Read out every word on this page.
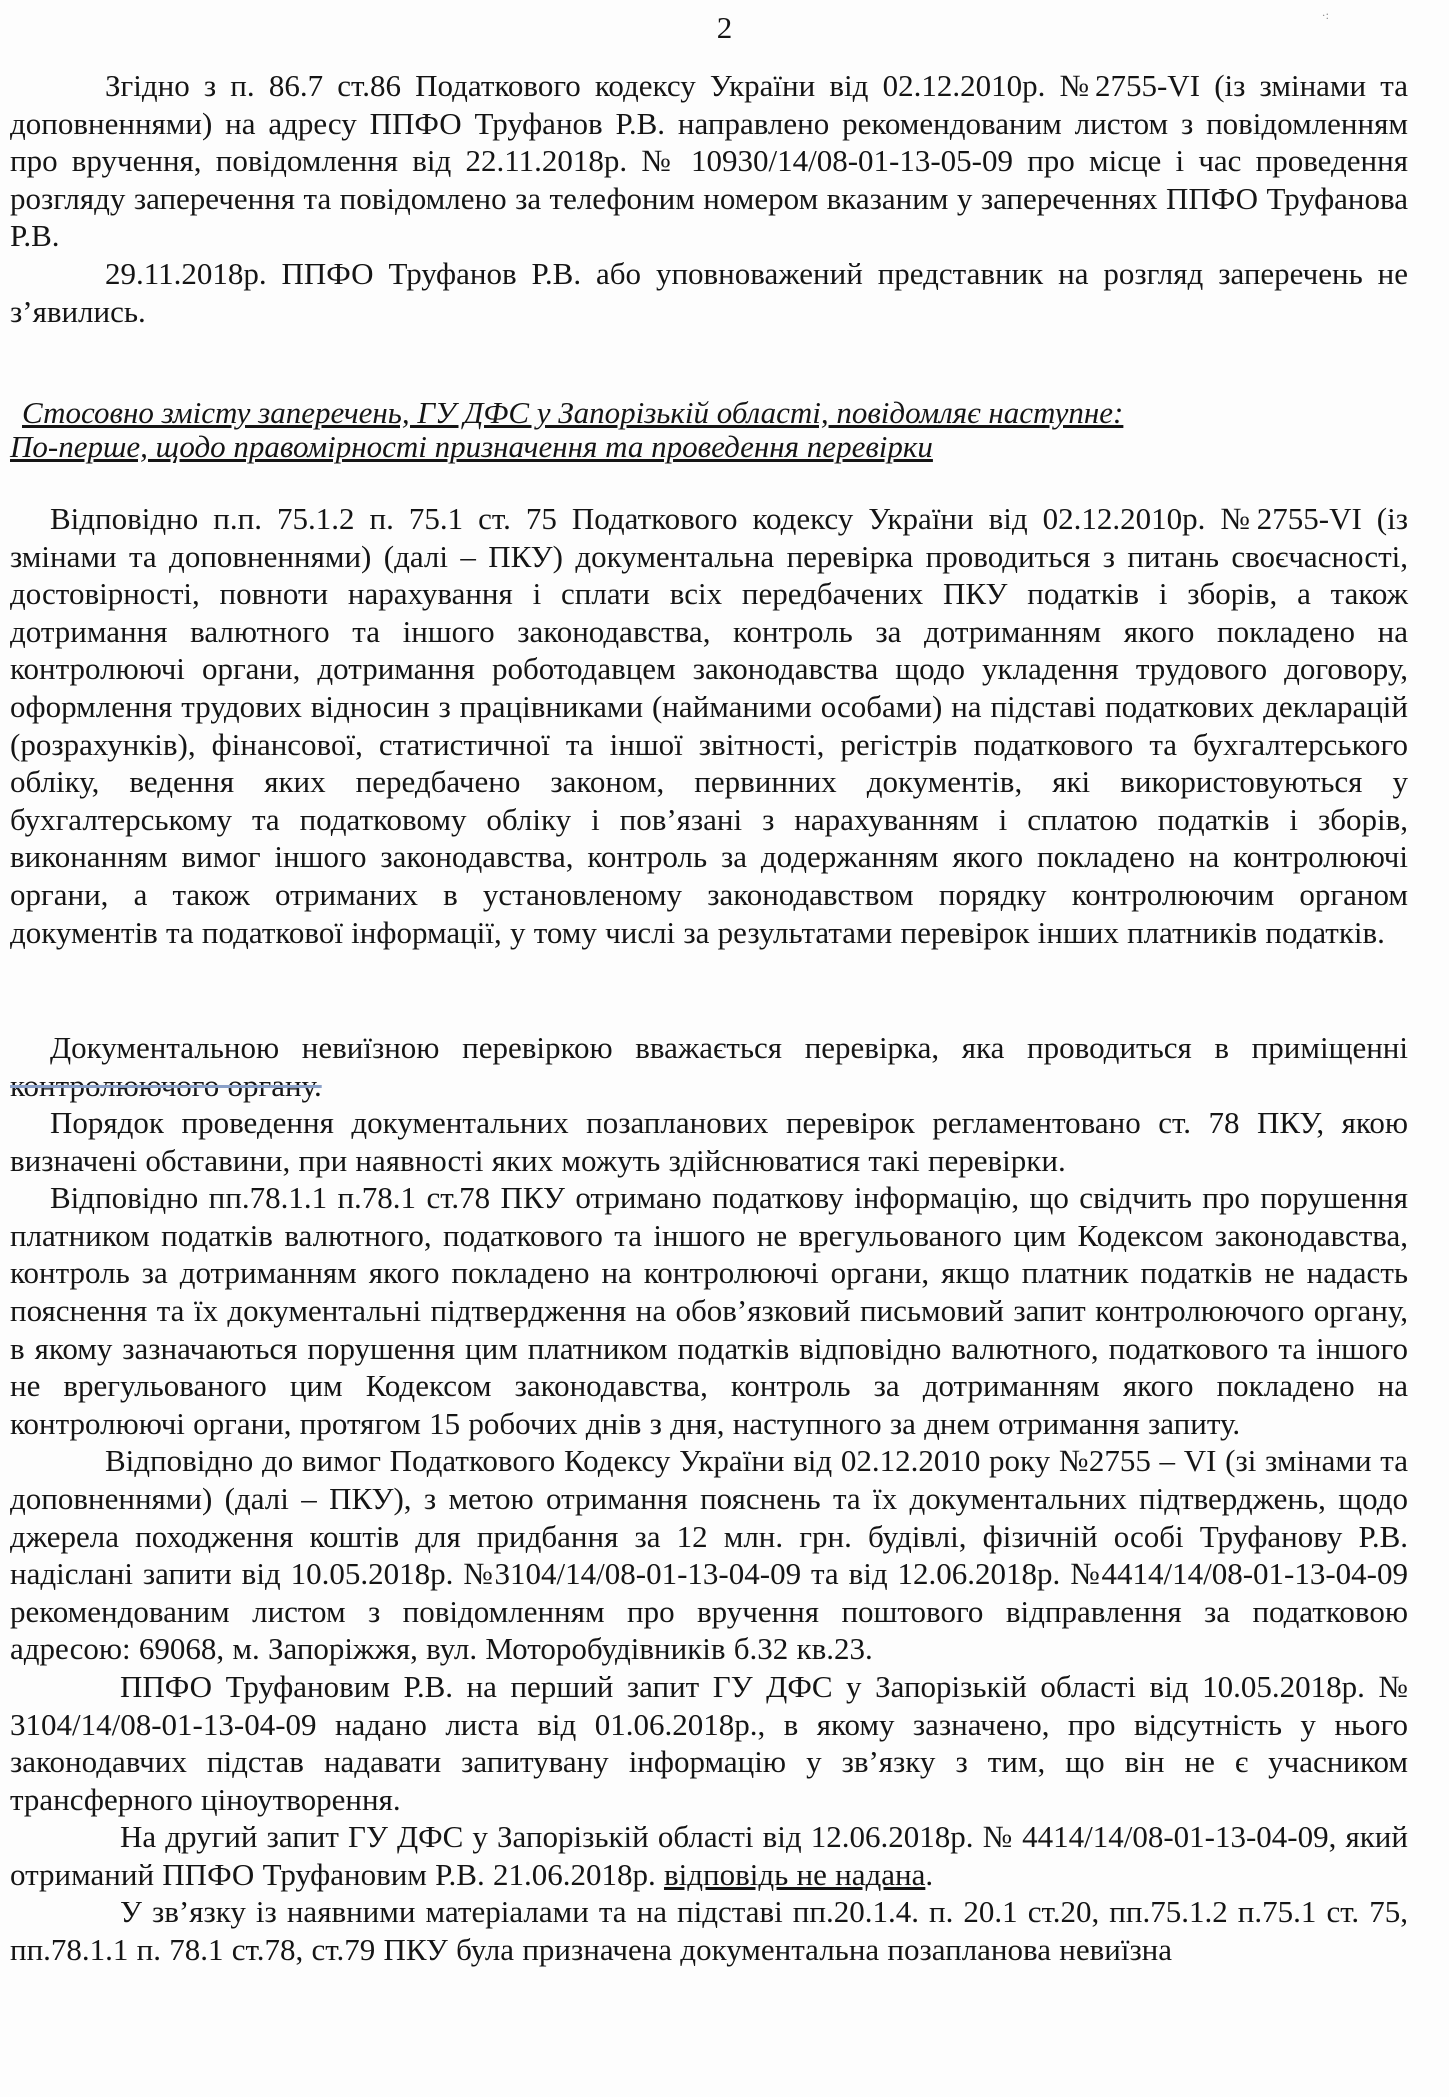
2	·:

Згідно з п. 86.7 ст.86 Податкового кодексу України від 02.12.2010р. №2755-VI (із змінами та доповненнями) на адресу ППФО Труфанов Р.В. направлено рекомендованим листом з повідомленням про вручення, повідомлення від 22.11.2018р. № 10930/14/08-01-13-05-09 про місце і час проведення розгляду заперечення та повідомлено за телефоним номером вказаним у запереченнях ППФО Труфанова Р.В.

29.11.2018р. ППФО Труфанов Р.В. або уповноважений представник на розгляд заперечень не з’явились.

Стосовно змісту заперечень, ГУ ДФС у Запорізькій області, повідомляє наступне:
По-перше, щодо правомірності призначення та проведення перевірки

Відповідно п.п. 75.1.2 п. 75.1 ст. 75 Податкового кодексу України від 02.12.2010р. №2755-VI (із змінами та доповненнями) (далі – ПКУ) документальна перевірка проводиться з питань своєчасності, достовірності, повноти нарахування і сплати всіх передбачених ПКУ податків і зборів, а також дотримання валютного та іншого законодавства, контроль за дотриманням якого покладено на контролюючі органи, дотримання роботодавцем законодавства щодо укладення трудового договору, оформлення трудових відносин з працівниками (найманими особами) на підставі податкових декларацій (розрахунків), фінансової, статистичної та іншої звітності, регістрів податкового та бухгалтерського обліку, ведення яких передбачено законом, первинних документів, які використовуються у бухгалтерському та податковому обліку і пов’язані з нарахуванням і сплатою податків і зборів, виконанням вимог іншого законодавства, контроль за додержанням якого покладено на контролюючі органи, а також отриманих в установленому законодавством порядку контролюючим органом документів та податкової інформації, у тому числі за результатами перевірок інших платників податків.

Документальною невиїзною перевіркою вважається перевірка, яка проводиться в приміщенні контролюючого органу.

Порядок проведення документальних позапланових перевірок регламентовано ст. 78 ПКУ, якою визначені обставини, при наявності яких можуть здійснюватися такі перевірки.

Відповідно пп.78.1.1 п.78.1 ст.78 ПКУ отримано податкову інформацію, що свідчить про порушення платником податків валютного, податкового та іншого не врегульованого цим Кодексом законодавства, контроль за дотриманням якого покладено на контролюючі органи, якщо платник податків не надасть пояснення та їх документальні підтвердження на обов’язковий письмовий запит контролюючого органу, в якому зазначаються порушення цим платником податків відповідно валютного, податкового та іншого не врегульованого цим Кодексом законодавства, контроль за дотриманням якого покладено на контролюючі органи, протягом 15 робочих днів з дня, наступного за днем отримання запиту.

Відповідно до вимог Податкового Кодексу України від 02.12.2010 року №2755 – VI (зі змінами та доповненнями) (далі – ПКУ), з метою отримання пояснень та їх документальних підтверджень, щодо джерела походження коштів для придбання за 12 млн. грн. будівлі, фізичній особі Труфанову Р.В. надіслані запити від 10.05.2018р. №3104/14/08-01-13-04-09 та від 12.06.2018р. №4414/14/08-01-13-04-09 рекомендованим листом з повідомленням про вручення поштового відправлення за податковою адресою: 69068, м. Запоріжжя, вул. Моторобудівників б.32 кв.23.

ППФО Труфановим Р.В. на перший запит ГУ ДФС у Запорізькій області від 10.05.2018р. № 3104/14/08-01-13-04-09 надано листа від 01.06.2018р., в якому зазначено, про відсутність у нього законодавчих підстав надавати запитувану інформацію у зв’язку з тим, що він не є учасником трансферного ціноутворення.

На другий запит ГУ ДФС у Запорізькій області від 12.06.2018р. № 4414/14/08-01-13-04-09, який отриманий ППФО Труфановим Р.В. 21.06.2018р. відповідь не надана.

У зв’язку із наявними матеріалами та на підставі пп.20.1.4. п. 20.1 ст.20, пп.75.1.2 п.75.1 ст. 75, пп.78.1.1 п. 78.1 ст.78, ст.79 ПКУ була призначена документальна позапланова невиїзна
